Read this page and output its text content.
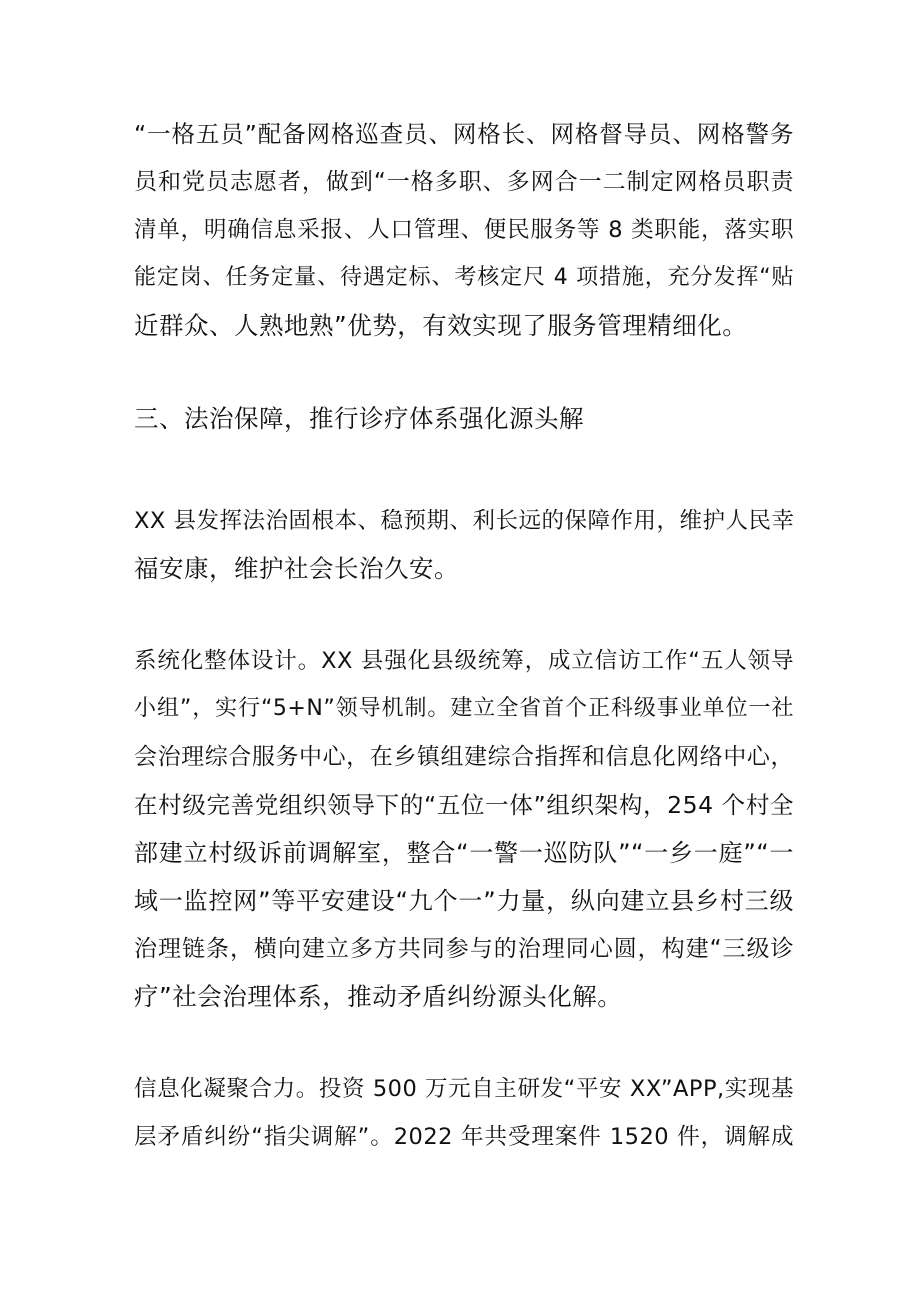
“一格五员”配备网格巡查员、网格长、网格督导员、网格警务
员和党员志愿者，做到“一格多职、多网合一二制定网格员职责
清单，明确信息采报、人口管理、便民服务等 8 类职能，落实职
能定岗、任务定量、待遇定标、考核定尺 4 项措施，充分发挥“贴
近群众、人熟地熟”优势，有效实现了服务管理精细化。
三、法治保障，推行诊疗体系强化源头解
XX 县发挥法治固根本、稳预期、利长远的保障作用，维护人民幸
福安康，维护社会长治久安。
系统化整体设计。XX 县强化县级统筹，成立信访工作“五人领导
小组”，实行“5+N”领导机制。建立全省首个正科级事业单位一社
会治理综合服务中心，在乡镇组建综合指挥和信息化网络中心，
在村级完善党组织领导下的“五位一体”组织架构，254 个村全
部建立村级诉前调解室，整合“一警一巡防队”“一乡一庭”“一
域一监控网”等平安建设“九个一”力量，纵向建立县乡村三级
治理链条，横向建立多方共同参与的治理同心圆，构建“三级诊
疗”社会治理体系，推动矛盾纠纷源头化解。
信息化凝聚合力。投资 500 万元自主研发“平安 XX”APP,实现基
层矛盾纠纷“指尖调解”。2022 年共受理案件 1520 件，调解成
